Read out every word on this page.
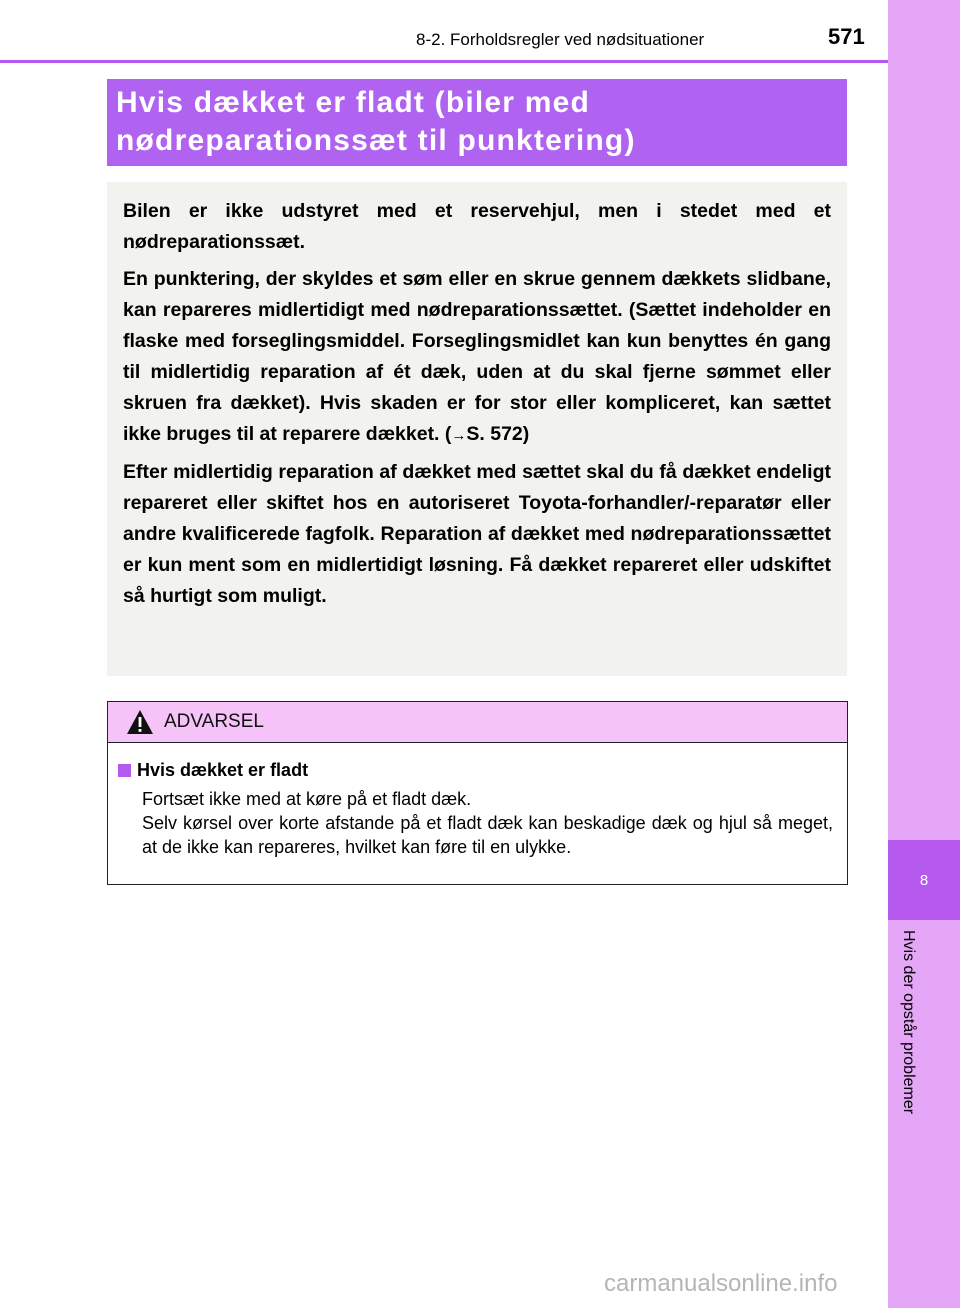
8
Hvis der opstår problemer
8-2. Forholdsregler ved nødsituationer	571
Hvis dækket er fladt (biler med
nødreparationssæt til punktering)

Bilen er ikke udstyret med et reservehjul, men i stedet med et nødreparationssæt.

En punktering, der skyldes et søm eller en skrue gennem dækkets slidbane, kan repareres midlertidigt med nødreparationssættet. (Sættet indeholder en flaske med forseglingsmiddel. Forseglingsmidlet kan kun benyttes én gang til midlertidig reparation af ét dæk, uden at du skal fjerne sømmet eller skruen fra dækket). Hvis skaden er for stor eller kompliceret, kan sættet ikke bruges til at reparere dækket. (→S. 572)

Efter midlertidig reparation af dækket med sættet skal du få dækket endeligt repareret eller skiftet hos en autoriseret Toyota-forhandler/-reparatør eller andre kvalificerede fagfolk. Reparation af dækket med nødreparationssættet er kun ment som en midlertidigt løsning. Få dækket repareret eller udskiftet så hurtigt som muligt.

ADVARSEL
Hvis dækket er fladt

Fortsæt ikke med at køre på et fladt dæk.

Selv kørsel over korte afstande på et fladt dæk kan beskadige dæk og hjul så meget, at de ikke kan repareres, hvilket kan føre til en ulykke.

carmanualsonline.info
